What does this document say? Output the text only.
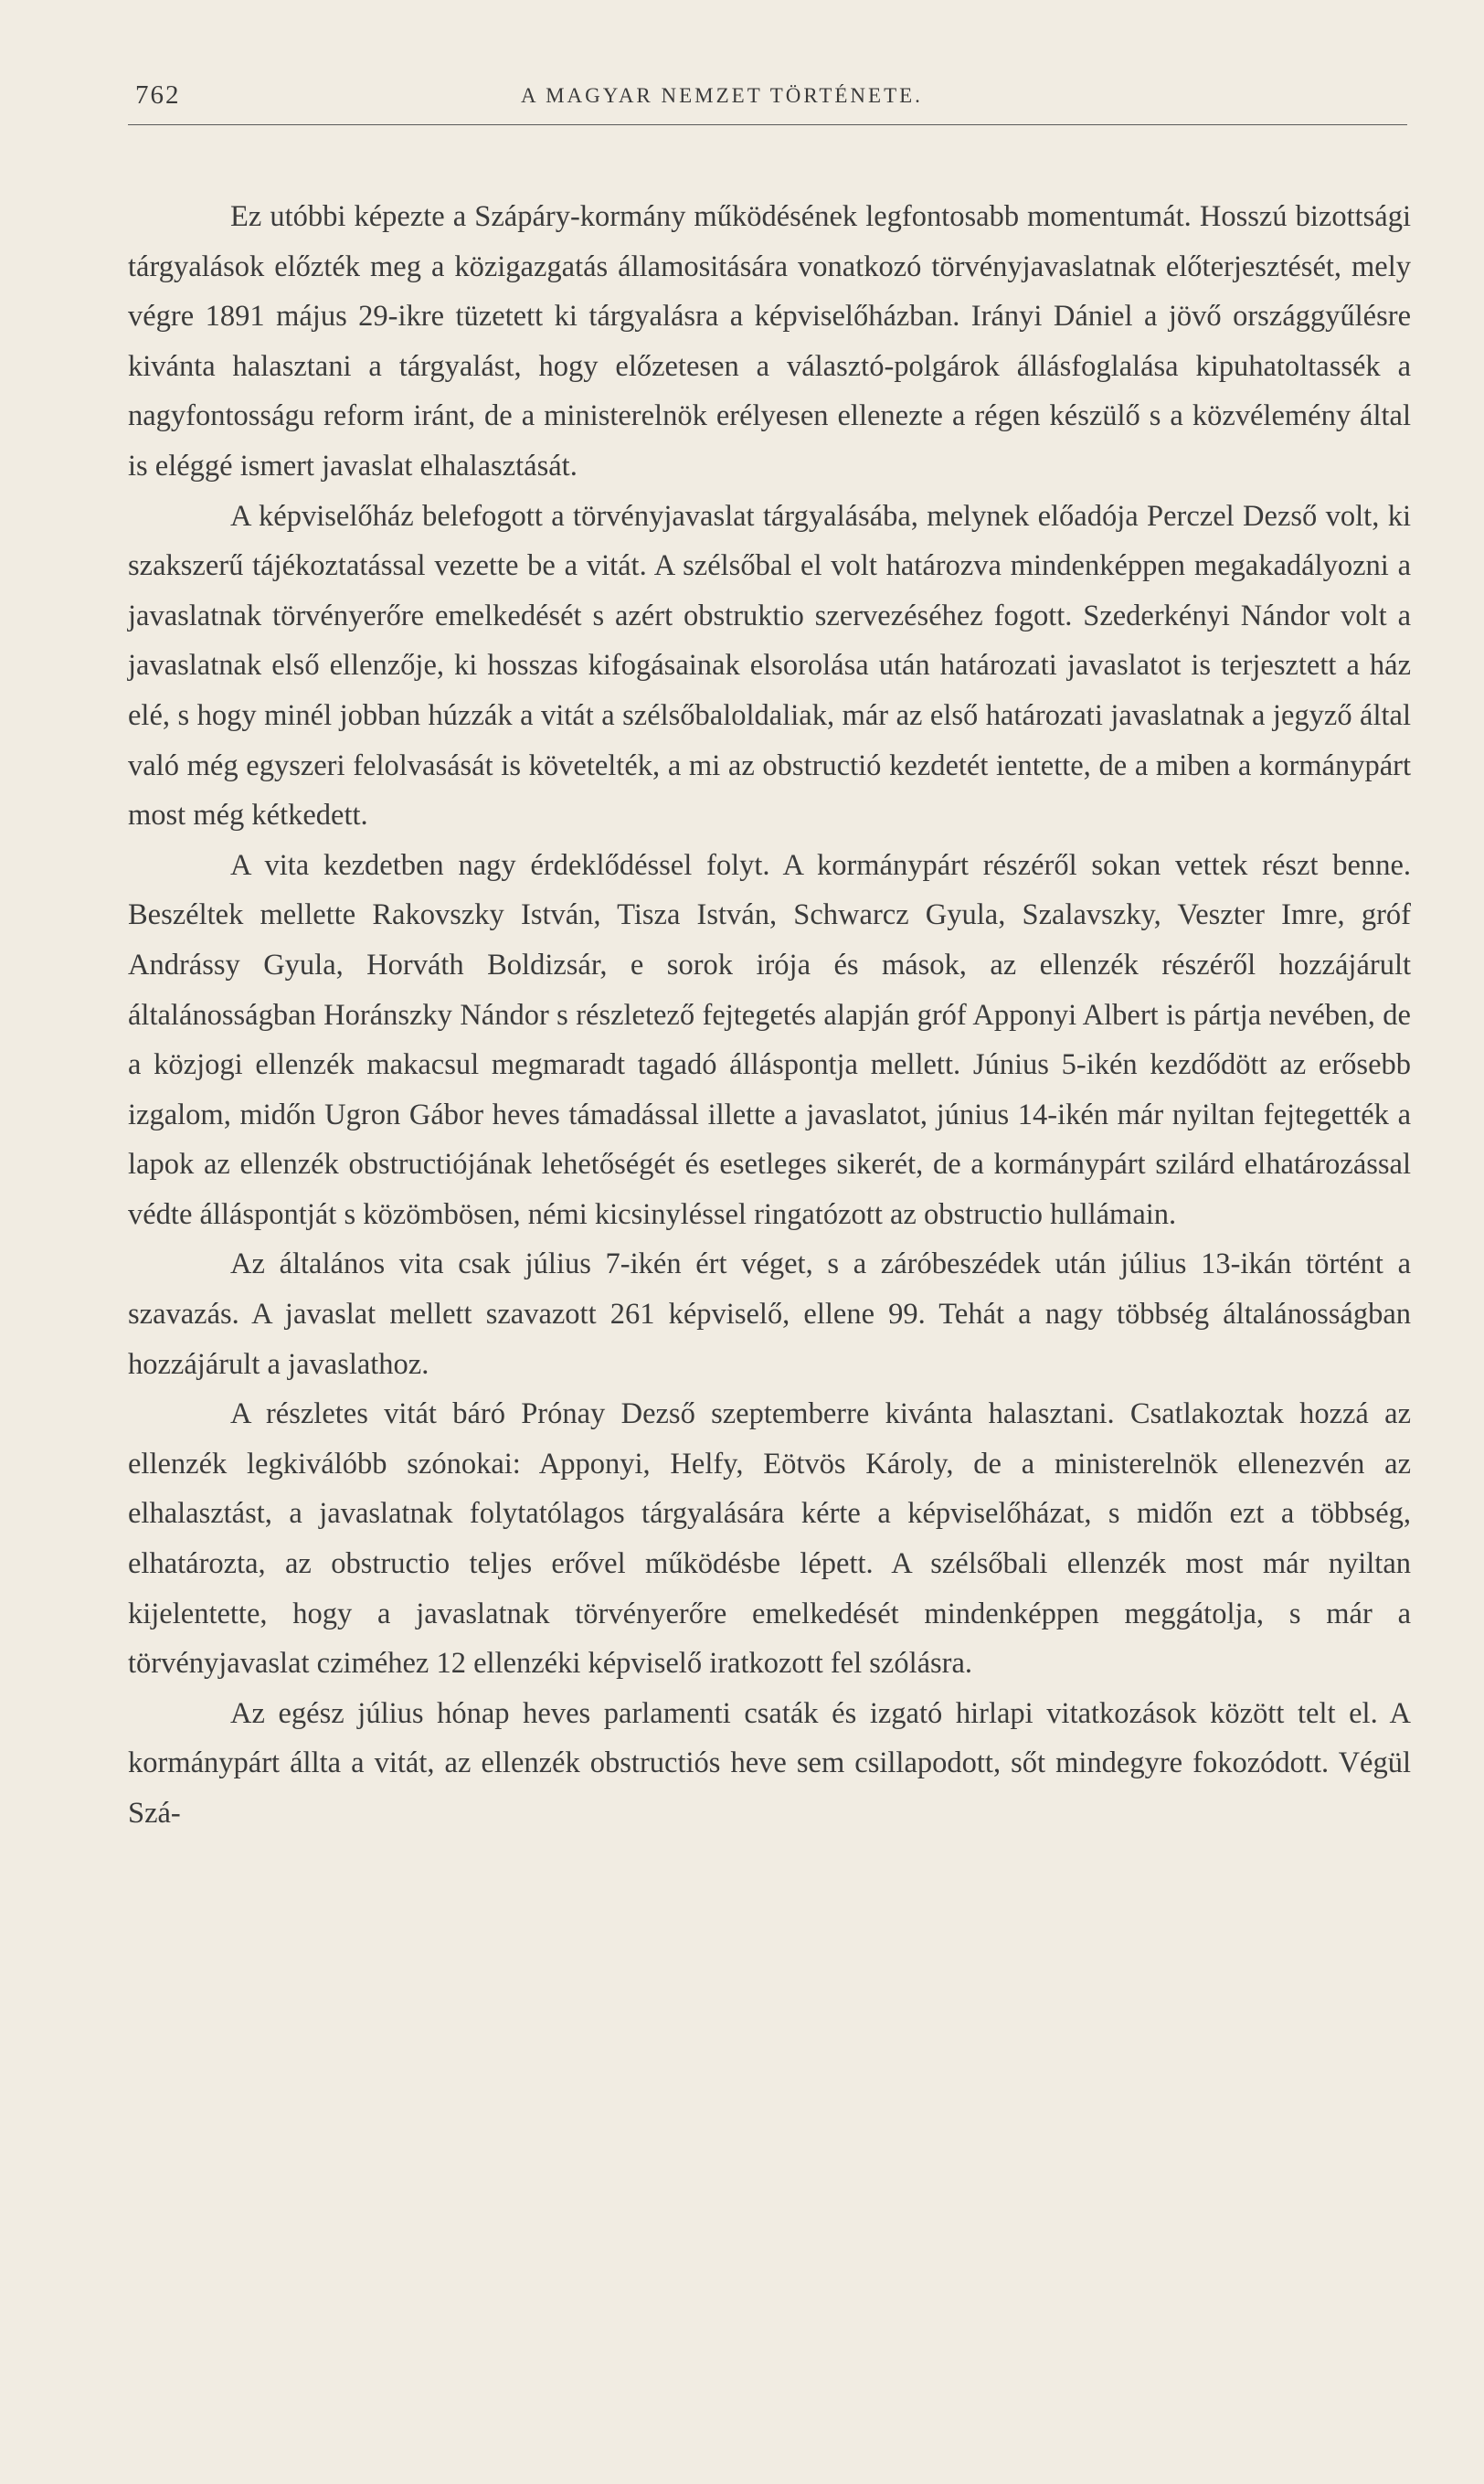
762	A MAGYAR NEMZET TÖRTÉNETE.

Ez utóbbi képezte a Szápáry-kormány működésének legfontosabb momentumát. Hosszú bizottsági tárgyalások előzték meg a közigazgatás államositására vonatkozó törvényjavaslatnak előterjesztését, mely végre 1891 május 29-ikre tüzetett ki tárgyalásra a képviselőházban. Irányi Dániel a jövő országgyűlésre kivánta halasztani a tárgyalást, hogy előzetesen a választó-polgárok állásfoglalása kipuhatoltassék a nagyfontosságu reform iránt, de a ministerelnök erélyesen ellenezte a régen készülő s a közvélemény által is eléggé ismert javaslat elhalasztását.

A képviselőház belefogott a törvényjavaslat tárgyalásába, melynek előadója Perczel Dezső volt, ki szakszerű tájékoztatással vezette be a vitát. A szélsőbal el volt határozva mindenképpen megakadályozni a javaslatnak törvényerőre emelkedését s azért obstruktio szervezéséhez fogott. Szederkényi Nándor volt a javaslatnak első ellenzője, ki hosszas kifogásainak elsorolása után határozati javaslatot is terjesztett a ház elé, s hogy minél jobban húzzák a vitát a szélsőbaloldaliak, már az első határozati javaslatnak a jegyző által való még egyszeri felolvasását is követelték, a mi az obstructió kezdetét ientette, de a miben a kormánypárt most még kétkedett.

A vita kezdetben nagy érdeklődéssel folyt. A kormánypárt részéről sokan vettek részt benne. Beszéltek mellette Rakovszky István, Tisza István, Schwarcz Gyula, Szalavszky, Veszter Imre, gróf Andrássy Gyula, Horváth Boldizsár, e sorok irója és mások, az ellenzék részéről hozzájárult általánosságban Horánszky Nándor s részletező fejtegetés alapján gróf Apponyi Albert is pártja nevében, de a közjogi ellenzék makacsul megmaradt tagadó álláspontja mellett. Június 5-ikén kezdődött az erősebb izgalom, midőn Ugron Gábor heves támadással illette a javaslatot, június 14-ikén már nyiltan fejtegették a lapok az ellenzék obstructiójának lehetőségét és esetleges sikerét, de a kormánypárt szilárd elhatározással védte álláspontját s közömbösen, némi kicsinyléssel ringatózott az obstructio hullámain.

Az általános vita csak július 7-ikén ért véget, s a záróbeszédek után július 13-ikán történt a szavazás. A javaslat mellett szavazott 261 képviselő, ellene 99. Tehát a nagy többség általánosságban hozzájárult a javaslathoz.

A részletes vitát báró Prónay Dezső szeptemberre kivánta halasztani. Csatlakoztak hozzá az ellenzék legkiválóbb szónokai: Apponyi, Helfy, Eötvös Károly, de a ministerelnök ellenezvén az elhalasztást, a javaslatnak folytatólagos tárgyalására kérte a képviselőházat, s midőn ezt a többség, elhatározta, az obstructio teljes erővel működésbe lépett. A szélsőbali ellenzék most már nyiltan kijelentette, hogy a javaslatnak törvényerőre emelkedését mindenképpen meggátolja, s már a törvényjavaslat cziméhez 12 ellenzéki képviselő iratkozott fel szólásra.

Az egész július hónap heves parlamenti csaták és izgató hirlapi vitatkozások között telt el. A kormánypárt állta a vitát, az ellenzék obstructiós heve sem csillapodott, sőt mindegyre fokozódott. Végül Szá-
